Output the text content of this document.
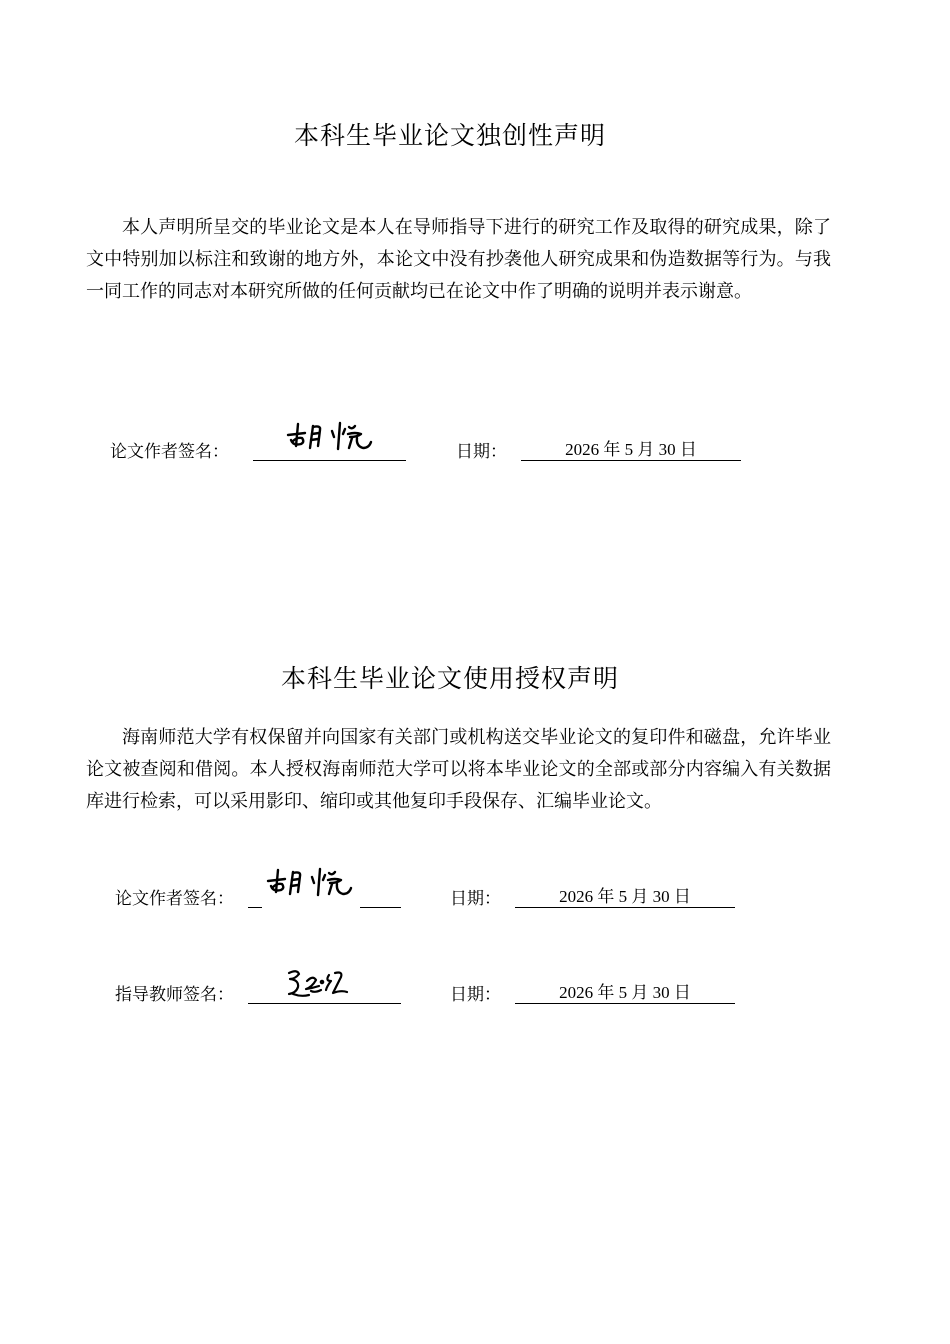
本科生毕业论文独创性声明

本人声明所呈交的毕业论文是本人在导师指导下进行的研究工作及取得的研究成果，除了文中特别加以标注和致谢的地方外，本论文中没有抄袭他人研究成果和伪造数据等行为。与我一同工作的同志对本研究所做的任何贡献均已在论文中作了明确的说明并表示谢意。

论文作者签名：	日期：	2026 年 5 月 30 日
本科生毕业论文使用授权声明

海南师范大学有权保留并向国家有关部门或机构送交毕业论文的复印件和磁盘，允许毕业论文被查阅和借阅。本人授权海南师范大学可以将本毕业论文的全部或部分内容编入有关数据库进行检索，可以采用影印、缩印或其他复印手段保存、汇编毕业论文。

论文作者签名：	日期：	2026 年 5 月 30 日
指导教师签名：	日期：	2026 年 5 月 30 日
